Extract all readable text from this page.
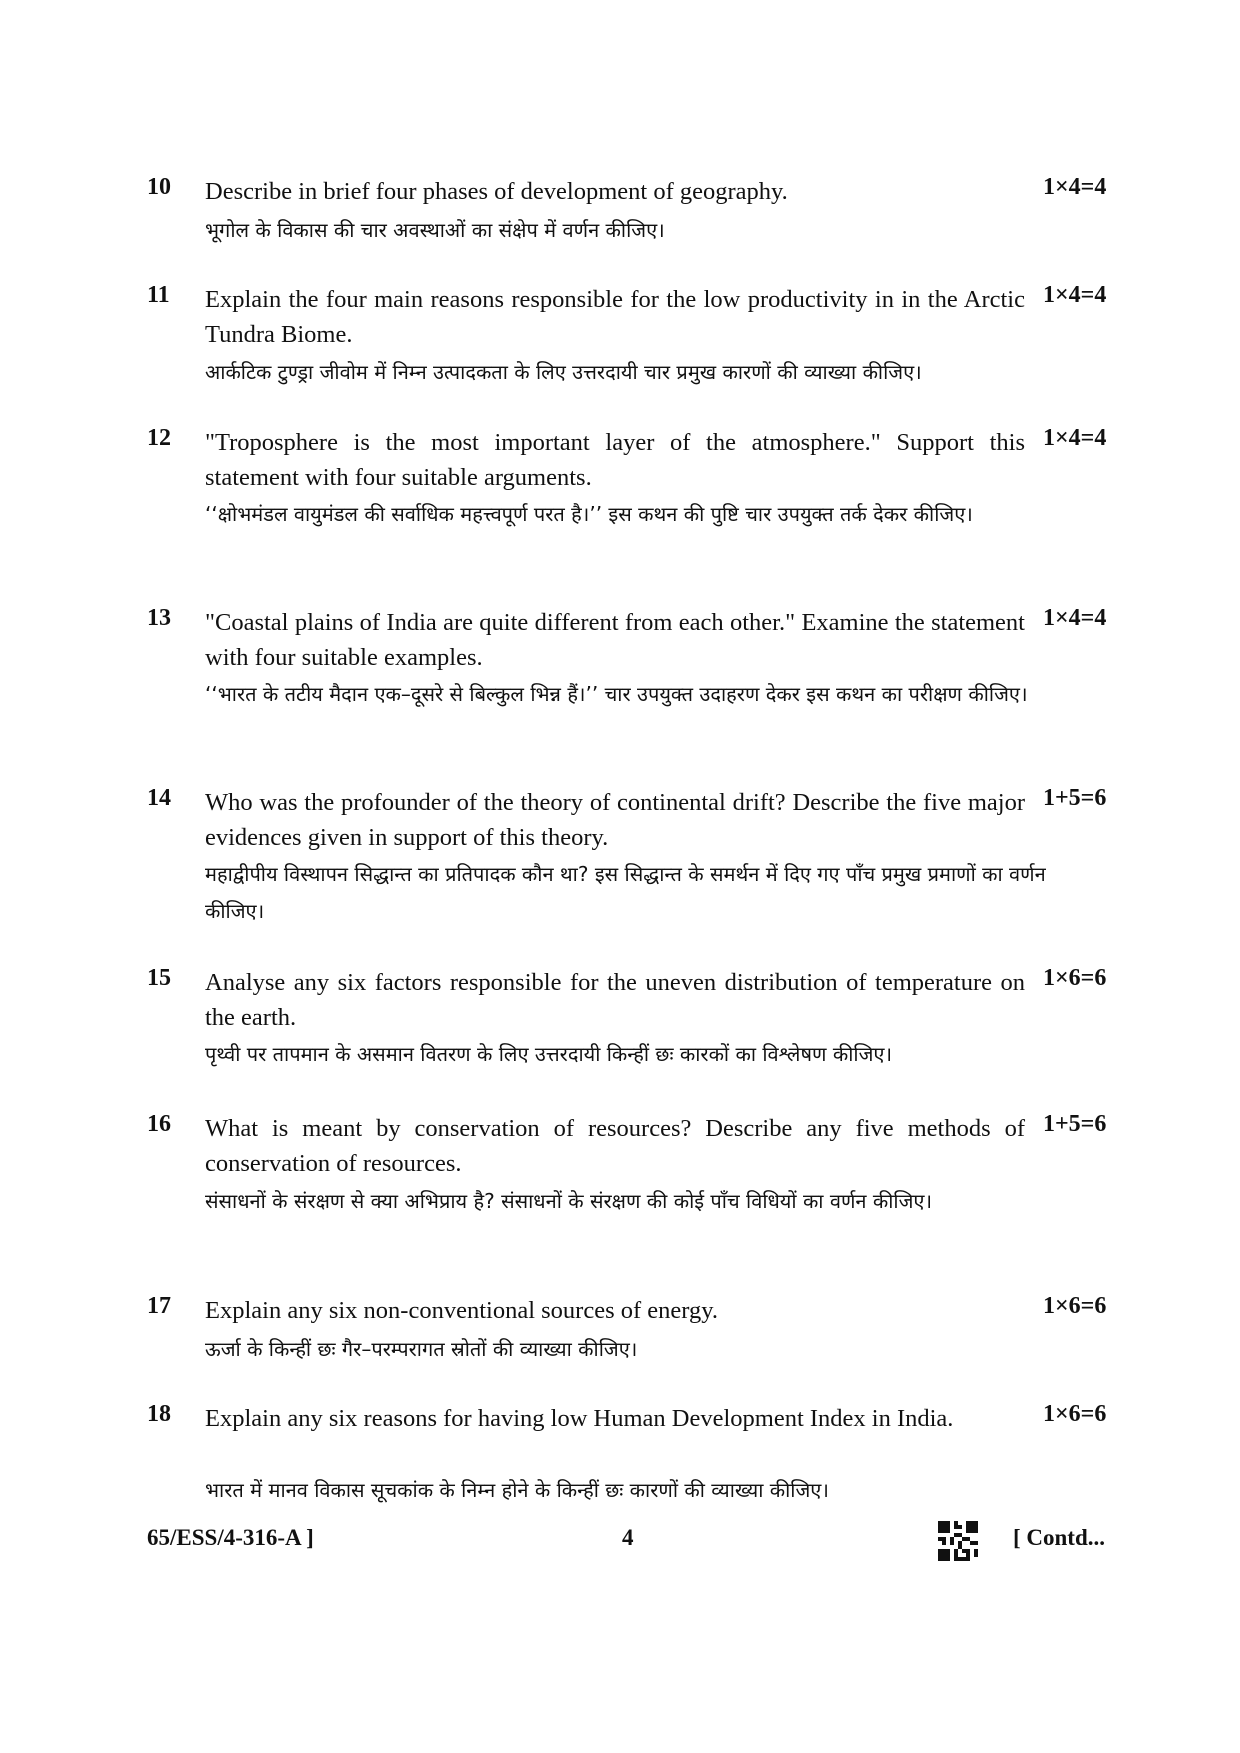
10 Describe in brief four phases of development of geography.	1×4=4
भूगोल के विकास की चार अवस्थाओं का संक्षेप में वर्णन कीजिए।
11 Explain the four main reasons responsible for the low productivity in in the Arctic Tundra Biome.
1×4=4
आर्कटिक टुण्ड्रा जीवोम में निम्न उत्पादकता के लिए उत्तरदायी चार प्रमुख कारणों की व्याख्या कीजिए।
12 "Troposphere is the most important layer of the atmosphere." Support this statement with four suitable arguments.
1×4=4
‘‘क्षोभमंडल वायुमंडल की सर्वाधिक महत्त्वपूर्ण परत है।’’ इस कथन की पुष्टि चार उपयुक्त तर्क देकर कीजिए।
13 "Coastal plains of India are quite different from each other." Examine the statement with four suitable examples.
1×4=4
‘‘भारत के तटीय मैदान एक–दूसरे से बिल्कुल भिन्न हैं।’’ चार उपयुक्त उदाहरण देकर इस कथन का परीक्षण कीजिए।
14 Who was the profounder of the theory of continental drift? Describe the five major evidences given in support of this theory.
1+5=6
महाद्वीपीय विस्थापन सिद्धान्त का प्रतिपादक कौन था? इस सिद्धान्त के समर्थन में दिए गए पाँच प्रमुख प्रमाणों का वर्णन कीजिए।
15 Analyse any six factors responsible for the uneven distribution of temperature on the earth.
1×6=6
पृथ्वी पर तापमान के असमान वितरण के लिए उत्तरदायी किन्हीं छः कारकों का विश्लेषण कीजिए।
16 What is meant by conservation of resources? Describe any five methods of conservation of resources.
1+5=6
संसाधनों के संरक्षण से क्या अभिप्राय है? संसाधनों के संरक्षण की कोई पाँच विधियों का वर्णन कीजिए।
17 Explain any six non-conventional sources of energy.	1×6=6
ऊर्जा के किन्हीं छः गैर–परम्परागत स्रोतों की व्याख्या कीजिए।
18 Explain any six reasons for having low Human Development Index in India.	1×6=6
भारत में मानव विकास सूचकांक के निम्न होने के किन्हीं छः कारणों की व्याख्या कीजिए।
65/ESS/4-316-A ]	4	[ Contd...
